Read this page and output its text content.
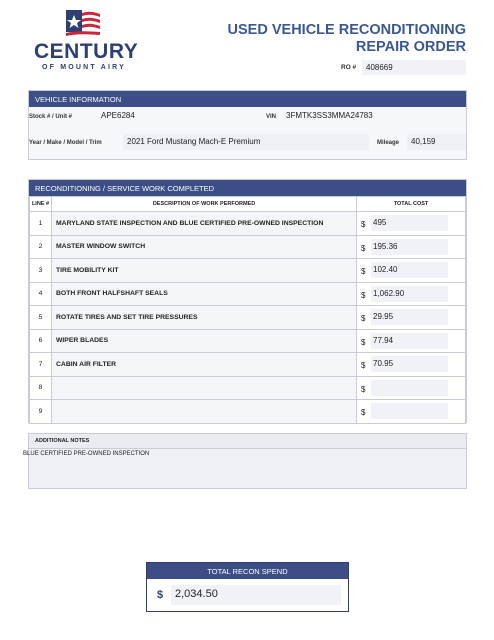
CENTURY
OF MOUNT AIRY
USED VEHICLE RECONDITIONING
REPAIR ORDER
RO #	408669
VEHICLE INFORMATION
Stock # / Unit #	APE6284	VIN	3FMTK3SS3MMA24783
Year / Make / Model / Trim	2021 Ford Mustang Mach-E Premium	Mileage	40,159
RECONDITIONING / SERVICE WORK COMPLETED
LINE #	DESCRIPTION OF WORK PERFORMED	TOTAL COST
1	MARYLAND STATE INSPECTION AND BLUE CERTIFIED PRE-OWNED INSPECTION	$ 495

2	MASTER WINDOW SWITCH	$ 195.36

3	TIRE MOBILITY KIT	$ 102.40

4	BOTH FRONT HALFSHAFT SEALS	$ 1,062.90

5	ROTATE TIRES AND SET TIRE PRESSURES	$ 29.95

6	WIPER BLADES	$ 77.94

7	CABIN AIR FILTER	$ 70.95

8		$

9		$
ADDITIONAL NOTES
BLUE CERTIFIED PRE-OWNED INSPECTION
TOTAL RECON SPEND
$	2,034.50
